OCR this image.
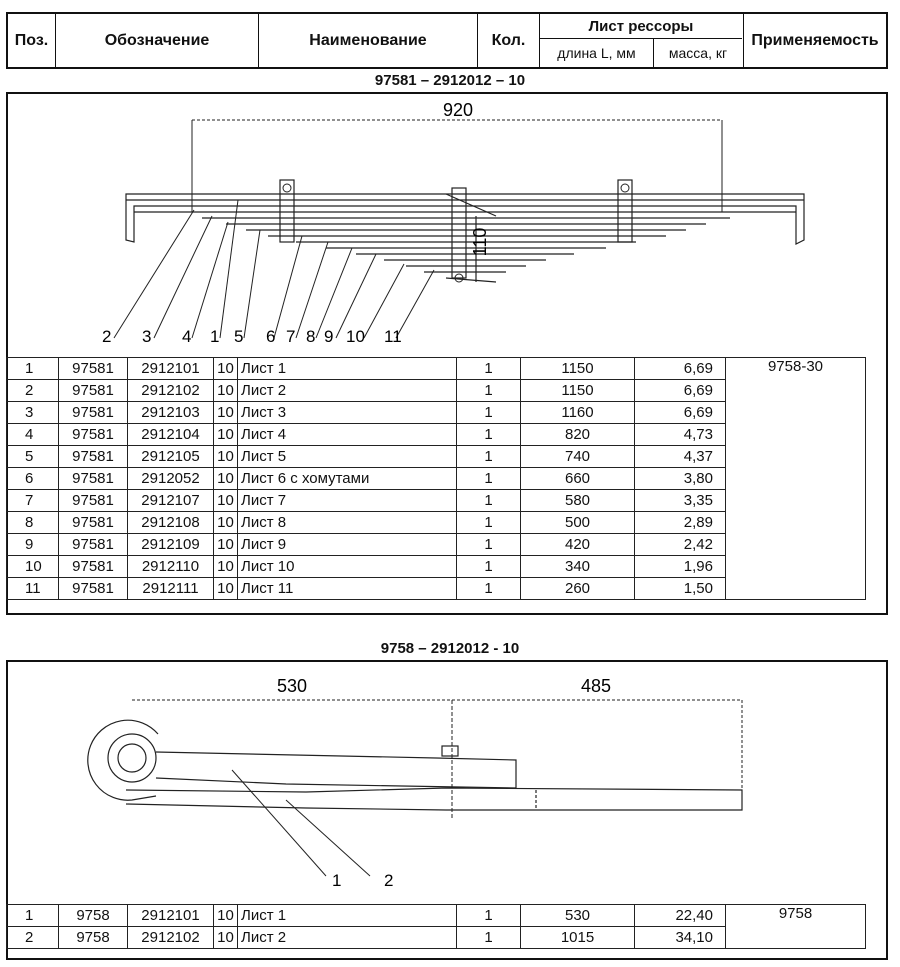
Поз.	Обозначение	Наименование	Кол.
Лист рессоры
длина L, мм	масса, кг
Применяемость
97581 – 2912012 – 10
920
110
2 3 4 1 5 6 7 8 9 10 11
1	97581	2912101	10	Лист 1	1	1150	6,69	9758-30
2	97581	2912102	10	Лист 2	1	1150	6,69	
3	97581	2912103	10	Лист 3	1	1160	6,69	
4	97581	2912104	10	Лист 4	1	820	4,73	
5	97581	2912105	10	Лист 5	1	740	4,37	
6	97581	2912052	10	Лист 6 с хомутами	1	660	3,80	
7	97581	2912107	10	Лист 7	1	580	3,35	
8	97581	2912108	10	Лист 8	1	500	2,89	
9	97581	2912109	10	Лист 9	1	420	2,42	
10	97581	2912110	10	Лист 10	1	340	1,96	
11	97581	2912111	10	Лист 11	1	260	1,50	
9758 – 2912012 - 10
530	485
1	2
1	9758	2912101	10	Лист 1	1	530	22,40	9758
2	9758	2912102	10	Лист 2	1	1015	34,10	
